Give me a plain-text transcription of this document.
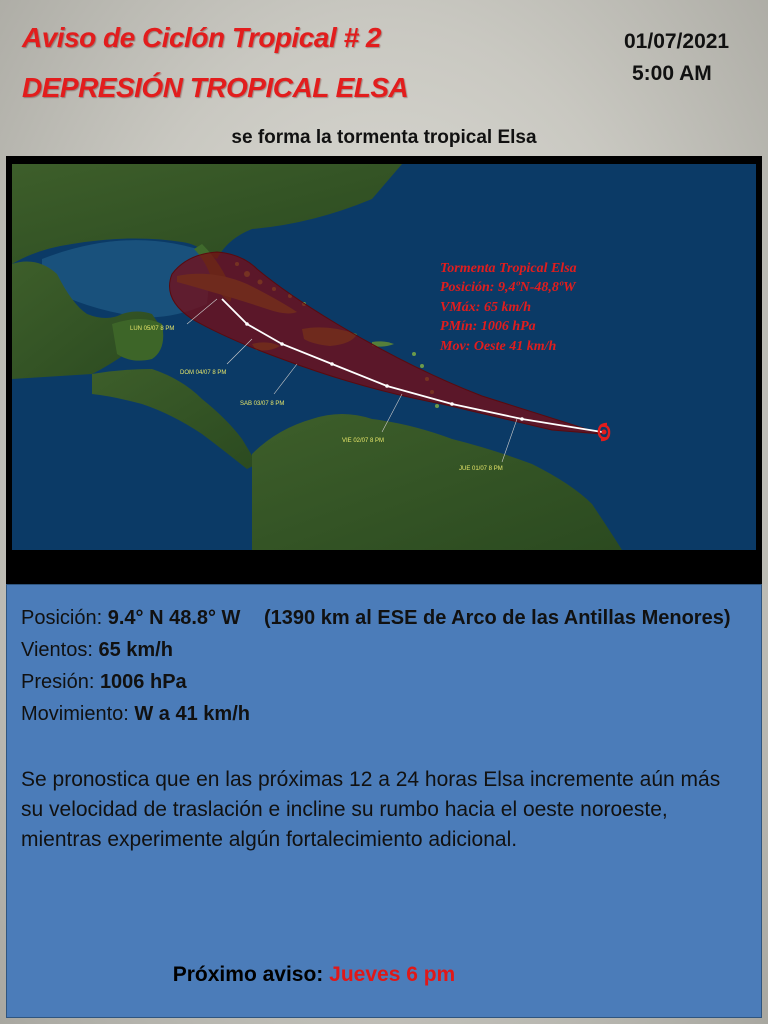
Aviso de Ciclón Tropical # 2
DEPRESIÓN TROPICAL ELSA
01/07/2021
5:00 AM
se forma la tormenta tropical Elsa
LUN 05/07 8 PM
DOM 04/07 8 PM
SAB 03/07 8 PM
VIE 02/07 8 PM
JUE 01/07 8 PM
Tormenta Tropical Elsa
Posición: 9,4ºN-48,8ºW
VMáx: 65 km/h
PMín: 1006 hPa
Mov: Oeste 41 km/h
Posición: 9.4° N 48.8° W (1390 km al ESE de Arco de las Antillas Menores)
Vientos: 65 km/h
Presión: 1006 hPa
Movimiento: W a 41 km/h
Se pronostica que en las próximas 12 a 24 horas Elsa incremente aún más su velocidad de traslación e incline su rumbo hacia el oeste noroeste, mientras experimente algún fortalecimiento adicional.
Próximo aviso: Jueves 6 pm
